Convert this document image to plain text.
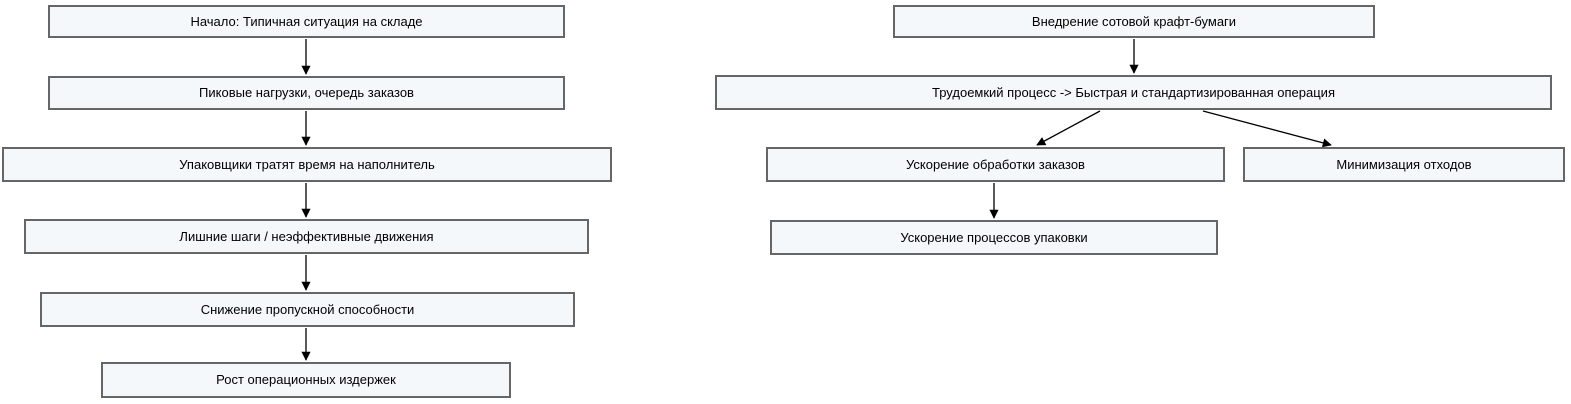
Начало: Типичная ситуация на складе
Пиковые нагрузки, очередь заказов
Упаковщики тратят время на наполнитель
Лишние шаги / неэффективные движения
Снижение пропускной способности
Рост операционных издержек
Внедрение сотовой крафт-бумаги
Трудоемкий процесс -> Быстрая и стандартизированная операция
Ускорение обработки заказов	Минимизация отходов
Ускорение процессов упаковки
